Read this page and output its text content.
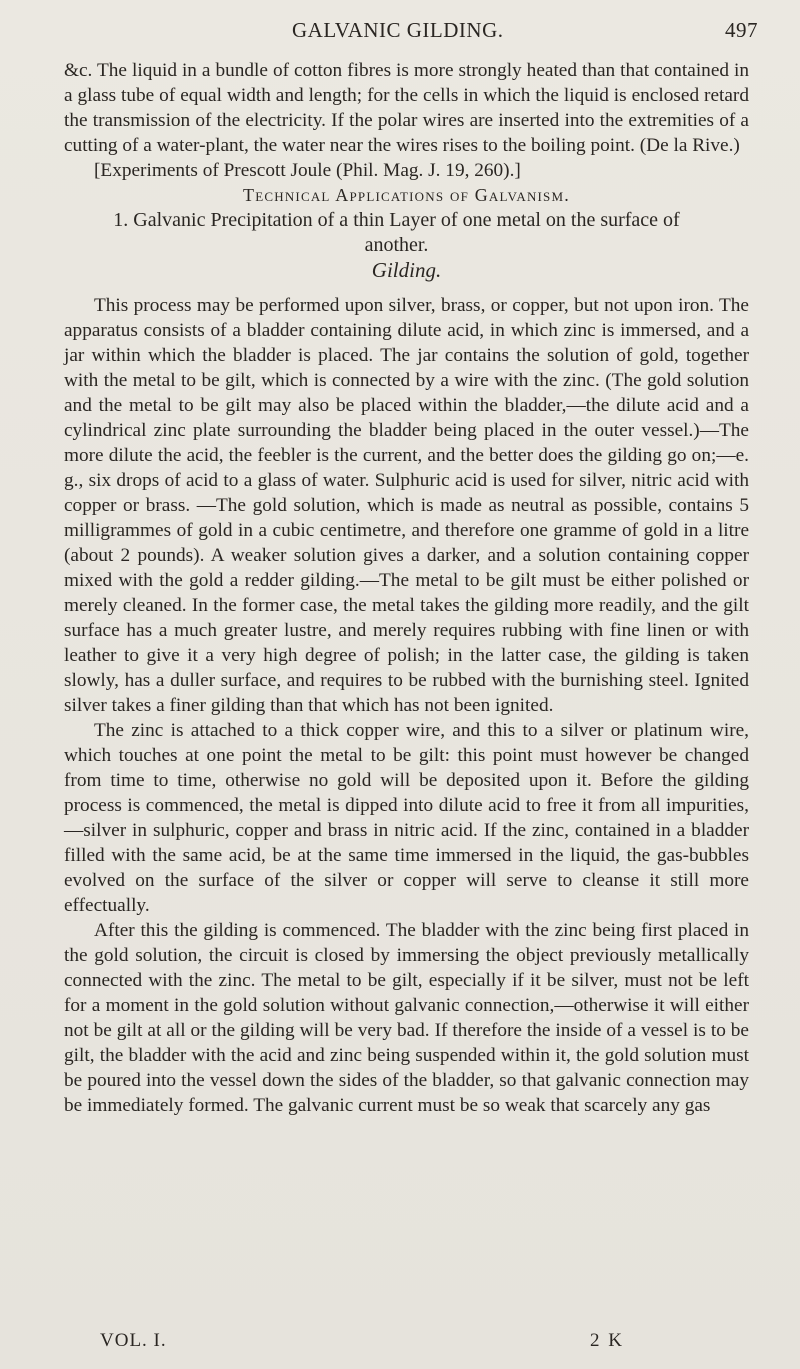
GALVANIC GILDING.	497

&c. The liquid in a bundle of cotton fibres is more strongly heated than that contained in a glass tube of equal width and length; for the cells in which the liquid is enclosed retard the transmission of the electricity. If the polar wires are inserted into the extremities of a cutting of a water-plant, the water near the wires rises to the boiling point. (De la Rive.)

[Experiments of Prescott Joule (Phil. Mag. J. 19, 260).]

Technical Applications of Galvanism.

1. Galvanic Precipitation of a thin Layer of one metal on the surface of another.

Gilding.

This process may be performed upon silver, brass, or copper, but not upon iron. The apparatus consists of a bladder containing dilute acid, in which zinc is immersed, and a jar within which the bladder is placed. The jar contains the solution of gold, together with the metal to be gilt, which is connected by a wire with the zinc. (The gold solution and the metal to be gilt may also be placed within the bladder,—the dilute acid and a cylindrical zinc plate surrounding the bladder being placed in the outer vessel.)—The more dilute the acid, the feebler is the current, and the better does the gilding go on;—e. g., six drops of acid to a glass of water. Sulphuric acid is used for silver, nitric acid with copper or brass. —The gold solution, which is made as neutral as possible, contains 5 milligrammes of gold in a cubic centimetre, and therefore one gramme of gold in a litre (about 2 pounds). A weaker solution gives a darker, and a solution containing copper mixed with the gold a redder gilding.—The metal to be gilt must be either polished or merely cleaned. In the former case, the metal takes the gilding more readily, and the gilt surface has a much greater lustre, and merely requires rubbing with fine linen or with leather to give it a very high degree of polish; in the latter case, the gilding is taken slowly, has a duller surface, and requires to be rubbed with the burnishing steel. Ignited silver takes a finer gilding than that which has not been ignited.

The zinc is attached to a thick copper wire, and this to a silver or platinum wire, which touches at one point the metal to be gilt: this point must however be changed from time to time, otherwise no gold will be deposited upon it. Before the gilding process is commenced, the metal is dipped into dilute acid to free it from all impurities,—silver in sulphuric, copper and brass in nitric acid. If the zinc, contained in a bladder filled with the same acid, be at the same time immersed in the liquid, the gas-bubbles evolved on the surface of the silver or copper will serve to cleanse it still more effectually.

After this the gilding is commenced. The bladder with the zinc being first placed in the gold solution, the circuit is closed by immersing the object previously metallically connected with the zinc. The metal to be gilt, especially if it be silver, must not be left for a moment in the gold solution without galvanic connection,—otherwise it will either not be gilt at all or the gilding will be very bad. If therefore the inside of a vessel is to be gilt, the bladder with the acid and zinc being suspended within it, the gold solution must be poured into the vessel down the sides of the bladder, so that galvanic connection may be immediately formed. The galvanic current must be so weak that scarcely any gas

VOL. I.	2 K
